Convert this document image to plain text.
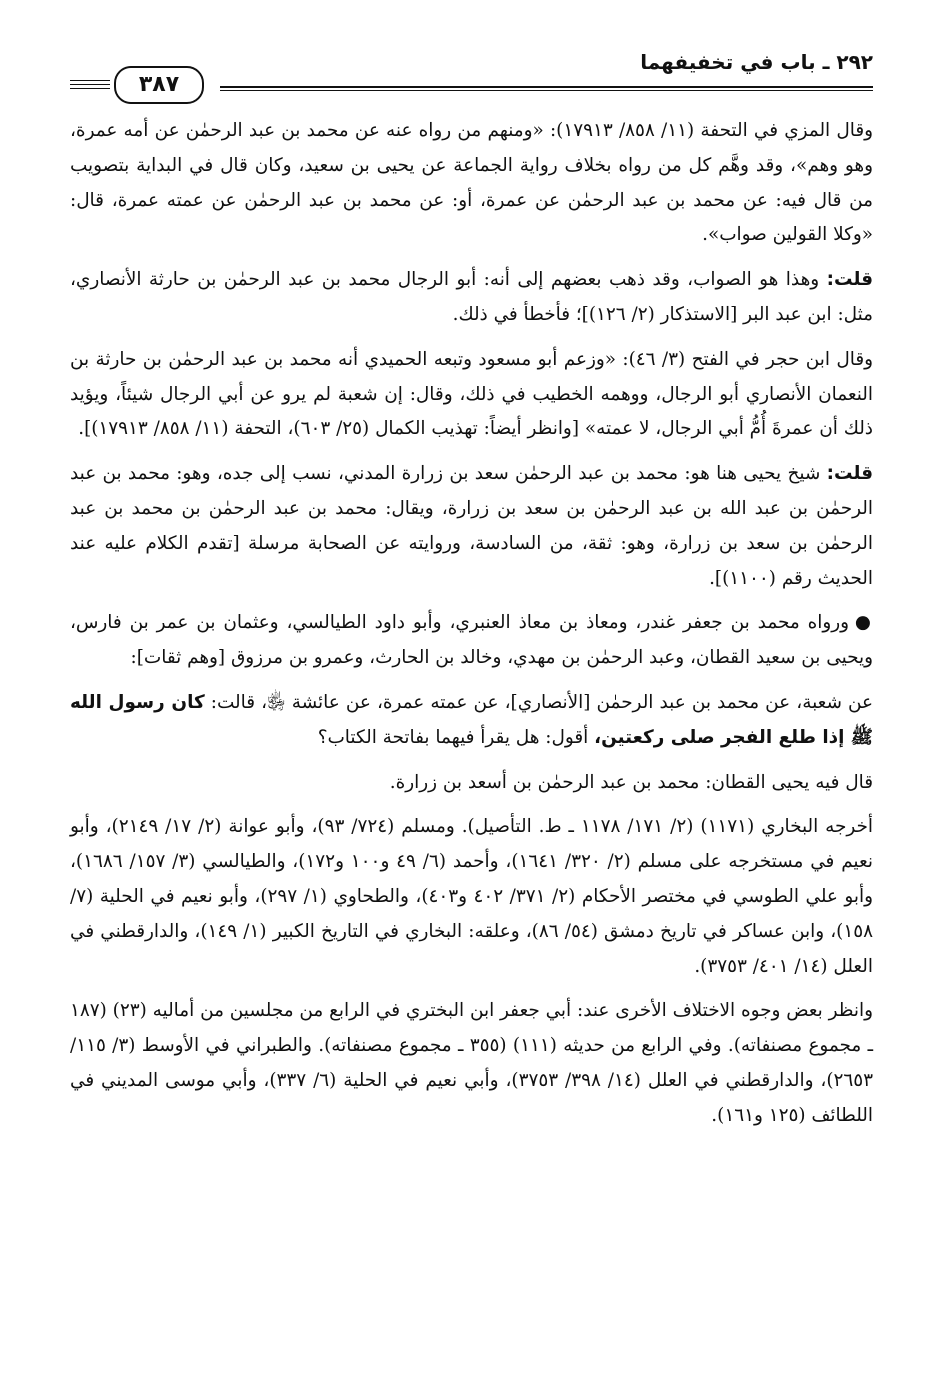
٢٩٢ ـ باب في تخفيفهما
٣٨٧

وقال المزي في التحفة (١١/ ٨٥٨/ ١٧٩١٣): «ومنهم من رواه عنه عن محمد بن عبد الرحمٰن عن أمه عمرة، وهو وهم»، وقد وهَّم كل من رواه بخلاف رواية الجماعة عن يحيى بن سعيد، وكان قال في البداية بتصويب من قال فيه: عن محمد بن عبد الرحمٰن عن عمرة، أو: عن محمد بن عبد الرحمٰن عن عمته عمرة، قال: «وكلا القولين صواب».

قلت: وهذا هو الصواب، وقد ذهب بعضهم إلى أنه: أبو الرجال محمد بن عبد الرحمٰن بن حارثة الأنصاري، مثل: ابن عبد البر [الاستذكار (٢/ ١٢٦)]؛ فأخطأ في ذلك.

وقال ابن حجر في الفتح (٣/ ٤٦): «وزعم أبو مسعود وتبعه الحميدي أنه محمد بن عبد الرحمٰن بن حارثة بن النعمان الأنصاري أبو الرجال، ووهمه الخطيب في ذلك، وقال: إن شعبة لم يرو عن أبي الرجال شيئاً، ويؤيد ذلك أن عمرةَ أُمُّ أبي الرجال، لا عمته» [وانظر أيضاً: تهذيب الكمال (٢٥/ ٦٠٣)، التحفة (١١/ ٨٥٨/ ١٧٩١٣)].

قلت: شيخ يحيى هنا هو: محمد بن عبد الرحمٰن سعد بن زرارة المدني، نسب إلى جده، وهو: محمد بن عبد الرحمٰن بن عبد الله بن عبد الرحمٰن بن سعد بن زرارة، ويقال: محمد بن عبد الرحمٰن بن محمد بن عبد الرحمٰن بن سعد بن زرارة، وهو: ثقة، من السادسة، وروايته عن الصحابة مرسلة [تقدم الكلام عليه عند الحديث رقم (١١٠٠)].

● ورواه محمد بن جعفر غندر، ومعاذ بن معاذ العنبري، وأبو داود الطيالسي، وعثمان بن عمر بن فارس، ويحيى بن سعيد القطان، وعبد الرحمٰن بن مهدي، وخالد بن الحارث، وعمرو بن مرزوق [وهم ثقات]:

عن شعبة، عن محمد بن عبد الرحمٰن [الأنصاري]، عن عمته عمرة، عن عائشة ﵂، قالت: كان رسول الله ﷺ إذا طلع الفجر صلى ركعتين، أقول: هل يقرأ فيهما بفاتحة الكتاب؟

قال فيه يحيى القطان: محمد بن عبد الرحمٰن بن أسعد بن زرارة.

أخرجه البخاري (١١٧١) (٢/ ١٧١/ ١١٧٨ ـ ط. التأصيل). ومسلم (٧٢٤/ ٩٣)، وأبو عوانة (٢/ ١٧/ ٢١٤٩)، وأبو نعيم في مستخرجه على مسلم (٢/ ٣٢٠/ ١٦٤١)، وأحمد (٦/ ٤٩ و١٠٠ و١٧٢)، والطيالسي (٣/ ١٥٧/ ١٦٨٦)، وأبو علي الطوسي في مختصر الأحكام (٢/ ٣٧١/ ٤٠٢ و٤٠٣)، والطحاوي (١/ ٢٩٧)، وأبو نعيم في الحلية (٧/ ١٥٨)، وابن عساكر في تاريخ دمشق (٥٤/ ٨٦)، وعلقه: البخاري في التاريخ الكبير (١/ ١٤٩)، والدارقطني في العلل (١٤/ ٤٠١/ ٣٧٥٣).

وانظر بعض وجوه الاختلاف الأخرى عند: أبي جعفر ابن البختري في الرابع من مجلسين من أماليه (٢٣) (١٨٧ ـ مجموع مصنفاته). وفي الرابع من حديثه (١١١) (٣٥٥ ـ مجموع مصنفاته). والطبراني في الأوسط (٣/ ١١٥/ ٢٦٥٣)، والدارقطني في العلل (١٤/ ٣٩٨/ ٣٧٥٣)، وأبي نعيم في الحلية (٦/ ٣٣٧)، وأبي موسى المديني في اللطائف (١٢٥ و١٦١).
